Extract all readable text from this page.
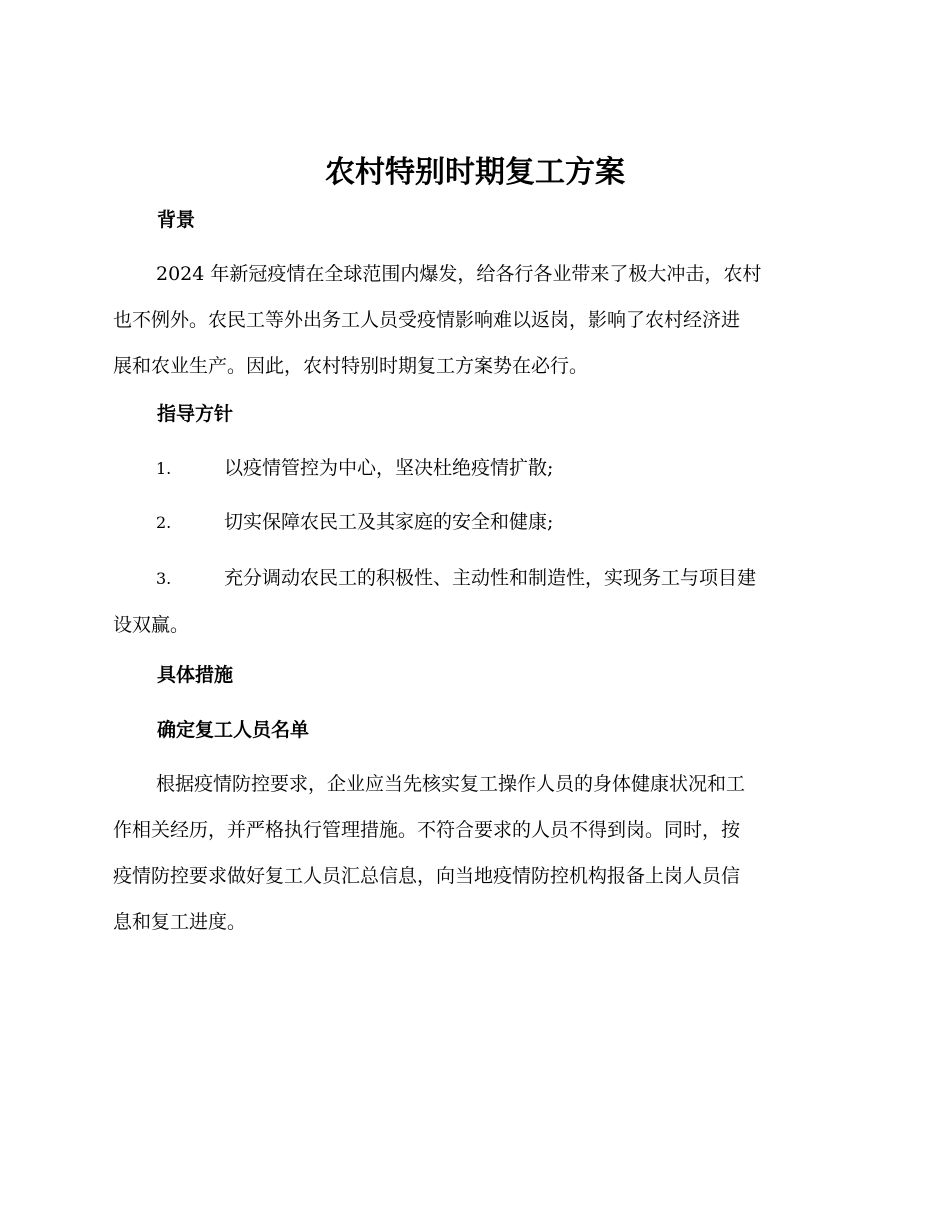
农村特别时期复工方案
背景
2024 年新冠疫情在全球范围内爆发，给各行各业带来了极大冲击，农村
也不例外。农民工等外出务工人员受疫情影响难以返岗，影响了农村经济进
展和农业生产。因此，农村特别时期复工方案势在必行。
指导方针
1.	以疫情管控为中心，坚决杜绝疫情扩散;
2.	切实保障农民工及其家庭的安全和健康;
3.	充分调动农民工的积极性、主动性和制造性，实现务工与项目建
设双赢。
具体措施
确定复工人员名单
根据疫情防控要求，企业应当先核实复工操作人员的身体健康状况和工
作相关经历，并严格执行管理措施。不符合要求的人员不得到岗。同时，按
疫情防控要求做好复工人员汇总信息，向当地疫情防控机构报备上岗人员信
息和复工进度。
